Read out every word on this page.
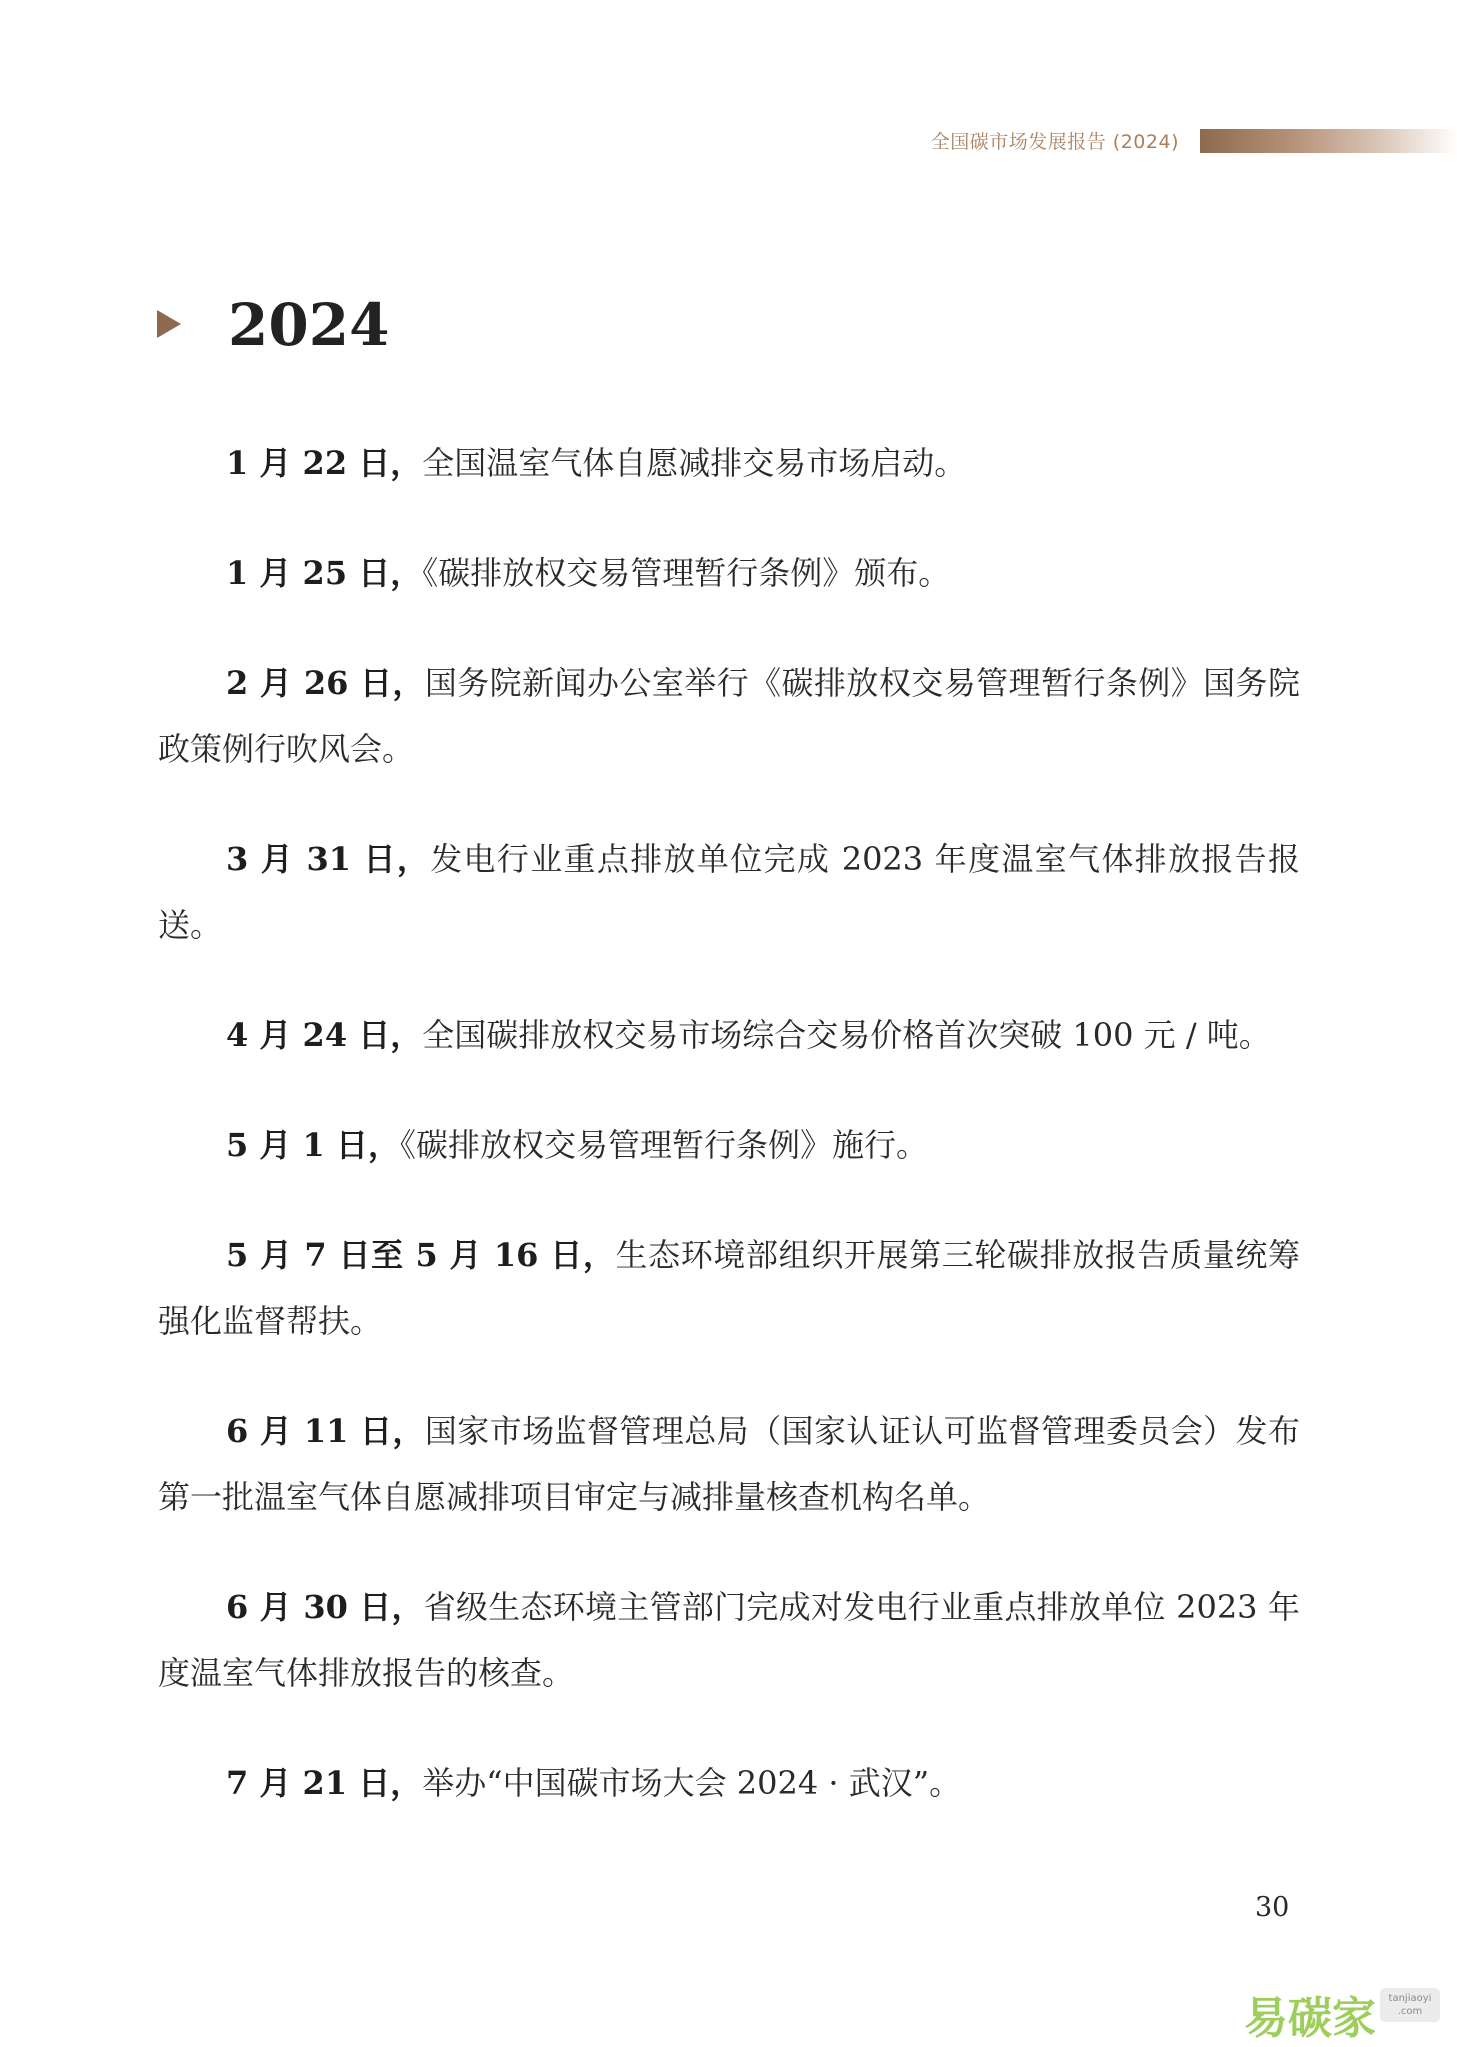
全国碳市场发展报告 (2024)
2024

1 月 22 日，全国温室气体自愿减排交易市场启动。

1 月 25 日，《碳排放权交易管理暂行条例》颁布。

2 月 26 日，国务院新闻办公室举行《碳排放权交易管理暂行条例》国务院政策例行吹风会。

3 月 31 日，发电行业重点排放单位完成 2023 年度温室气体排放报告报送。

4 月 24 日，全国碳排放权交易市场综合交易价格首次突破 100 元 / 吨。

5 月 1 日，《碳排放权交易管理暂行条例》施行。

5 月 7 日至 5 月 16 日，生态环境部组织开展第三轮碳排放报告质量统筹强化监督帮扶。

6 月 11 日，国家市场监督管理总局（国家认证认可监督管理委员会）发布第一批温室气体自愿减排项目审定与减排量核查机构名单。

6 月 30 日，省级生态环境主管部门完成对发电行业重点排放单位 2023 年度温室气体排放报告的核查。

7 月 21 日，举办“中国碳市场大会 2024 · 武汉”。

30
易碳家	tanjiaoyi
.com
